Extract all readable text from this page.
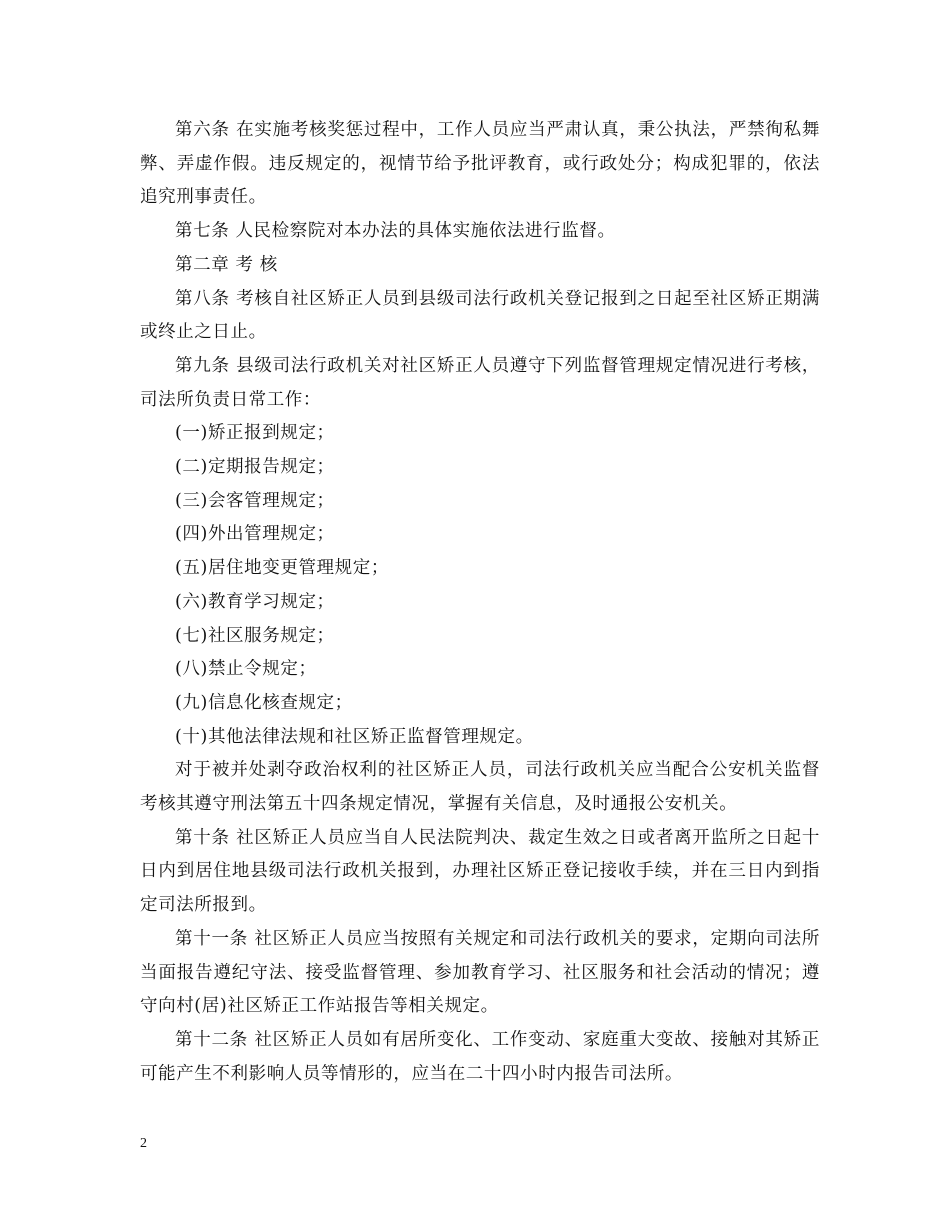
第六条 在实施考核奖惩过程中，工作人员应当严肃认真，秉公执法，严禁徇私舞弊、弄虚作假。违反规定的，视情节给予批评教育，或行政处分；构成犯罪的，依法追究刑事责任。

第七条 人民检察院对本办法的具体实施依法进行监督。

第二章 考 核

第八条 考核自社区矫正人员到县级司法行政机关登记报到之日起至社区矫正期满或终止之日止。

第九条 县级司法行政机关对社区矫正人员遵守下列监督管理规定情况进行考核，司法所负责日常工作：

(一)矫正报到规定；

(二)定期报告规定；

(三)会客管理规定；

(四)外出管理规定；

(五)居住地变更管理规定；

(六)教育学习规定；

(七)社区服务规定；

(八)禁止令规定；

(九)信息化核查规定；

(十)其他法律法规和社区矫正监督管理规定。

对于被并处剥夺政治权利的社区矫正人员，司法行政机关应当配合公安机关监督考核其遵守刑法第五十四条规定情况，掌握有关信息，及时通报公安机关。

第十条 社区矫正人员应当自人民法院判决、裁定生效之日或者离开监所之日起十日内到居住地县级司法行政机关报到，办理社区矫正登记接收手续，并在三日内到指定司法所报到。

第十一条 社区矫正人员应当按照有关规定和司法行政机关的要求，定期向司法所当面报告遵纪守法、接受监督管理、参加教育学习、社区服务和社会活动的情况；遵守向村(居)社区矫正工作站报告等相关规定。

第十二条 社区矫正人员如有居所变化、工作变动、家庭重大变故、接触对其矫正可能产生不利影响人员等情形的，应当在二十四小时内报告司法所。

2
